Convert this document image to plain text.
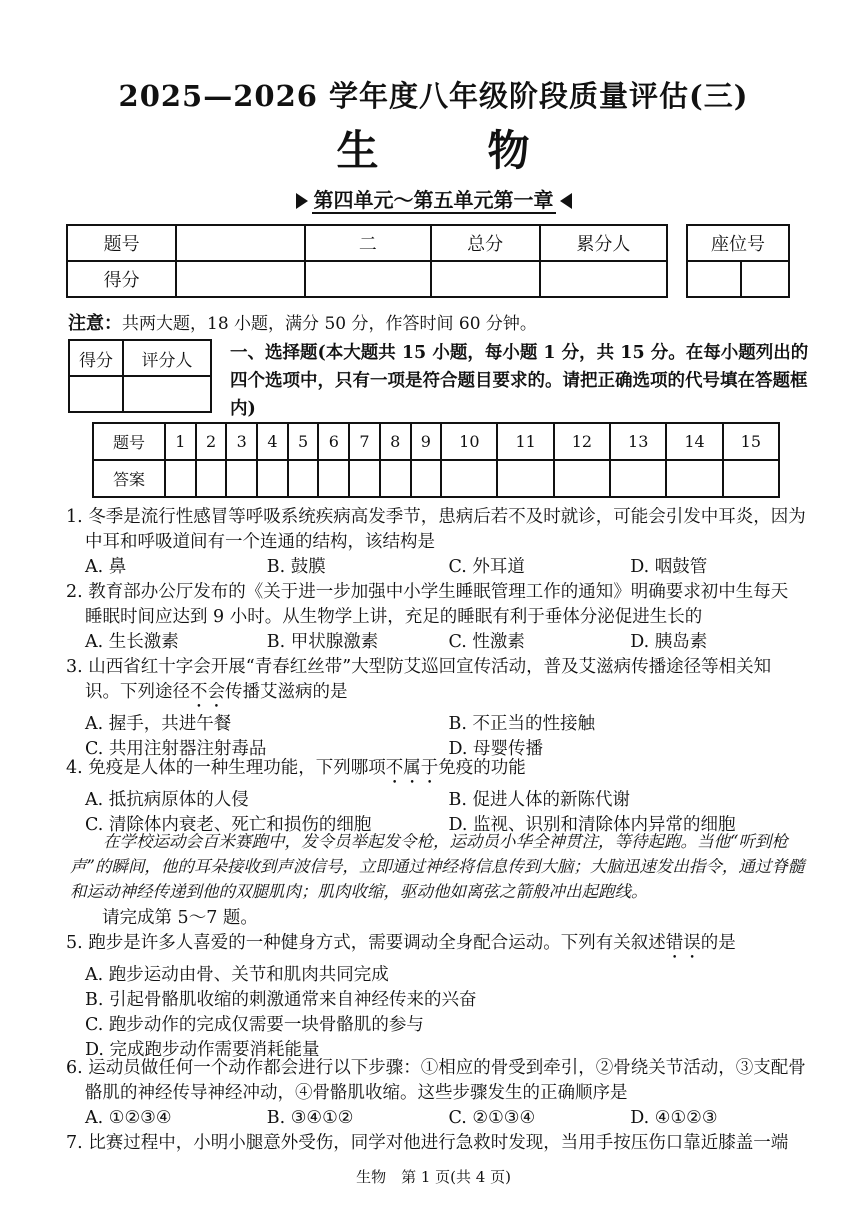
2025—2026 学年度八年级阶段质量评估(三)
生	物
第四单元～第五单元第一章
题号		二	总分	累分人
得分				
座位号

注意：共两大题，18 小题，满分 50 分，作答时间 60 分钟。
得分	评分人
	一、选择题(本大题共 15 小题，每小题 1 分，共 15 分。在每小题列出的四个选项中，只有一项是符合题目要求的。请把正确选项的代号填在答题框内)
题号	1	2	3	4	5	6	7	8	9	10	11	12	13	14	15
答案															
1. 冬季是流行性感冒等呼吸系统疾病高发季节，患病后若不及时就诊，可能会引发中耳炎，因为
中耳和呼吸道间有一个连通的结构，该结构是
A. 鼻	B. 鼓膜	C. 外耳道	D. 咽鼓管
2. 教育部办公厅发布的《关于进一步加强中小学生睡眠管理工作的通知》明确要求初中生每天
睡眠时间应达到 9 小时。从生物学上讲，充足的睡眠有利于垂体分泌促进生长的
A. 生长激素	B. 甲状腺激素	C. 性激素	D. 胰岛素
3. 山西省红十字会开展“青春红丝带”大型防艾巡回宣传活动，普及艾滋病传播途径等相关知
识。下列途径不会传播艾滋病的是
A. 握手，共进午餐	B. 不正当的性接触
C. 共用注射器注射毒品	D. 母婴传播
4. 免疫是人体的一种生理功能，下列哪项不属于免疫的功能
A. 抵抗病原体的人侵	B. 促进人体的新陈代谢
C. 清除体内衰老、死亡和损伤的细胞	D. 监视、识别和清除体内异常的细胞
在学校运动会百米赛跑中，发令员举起发令枪，运动员小华全神贯注，等待起跑。当他“听到枪声”的瞬间，他的耳朵接收到声波信号，立即通过神经将信息传到大脑；大脑迅速发出指令，通过脊髓和运动神经传递到他的双腿肌肉；肌肉收缩，驱动他如离弦之箭般冲出起跑线。
请完成第 5～7 题。
5. 跑步是许多人喜爱的一种健身方式，需要调动全身配合运动。下列有关叙述错误的是
A. 跑步运动由骨、关节和肌肉共同完成
B. 引起骨骼肌收缩的刺激通常来自神经传来的兴奋
C. 跑步动作的完成仅需要一块骨骼肌的参与
D. 完成跑步动作需要消耗能量
6. 运动员做任何一个动作都会进行以下步骤：①相应的骨受到牵引，②骨绕关节活动，③支配骨
骼肌的神经传导神经冲动，④骨骼肌收缩。这些步骤发生的正确顺序是
A. ①②③④	B. ③④①②	C. ②①③④	D. ④①②③
7. 比赛过程中，小明小腿意外受伤，同学对他进行急救时发现，当用手按压伤口靠近膝盖一端
生物　第 1 页(共 4 页)
